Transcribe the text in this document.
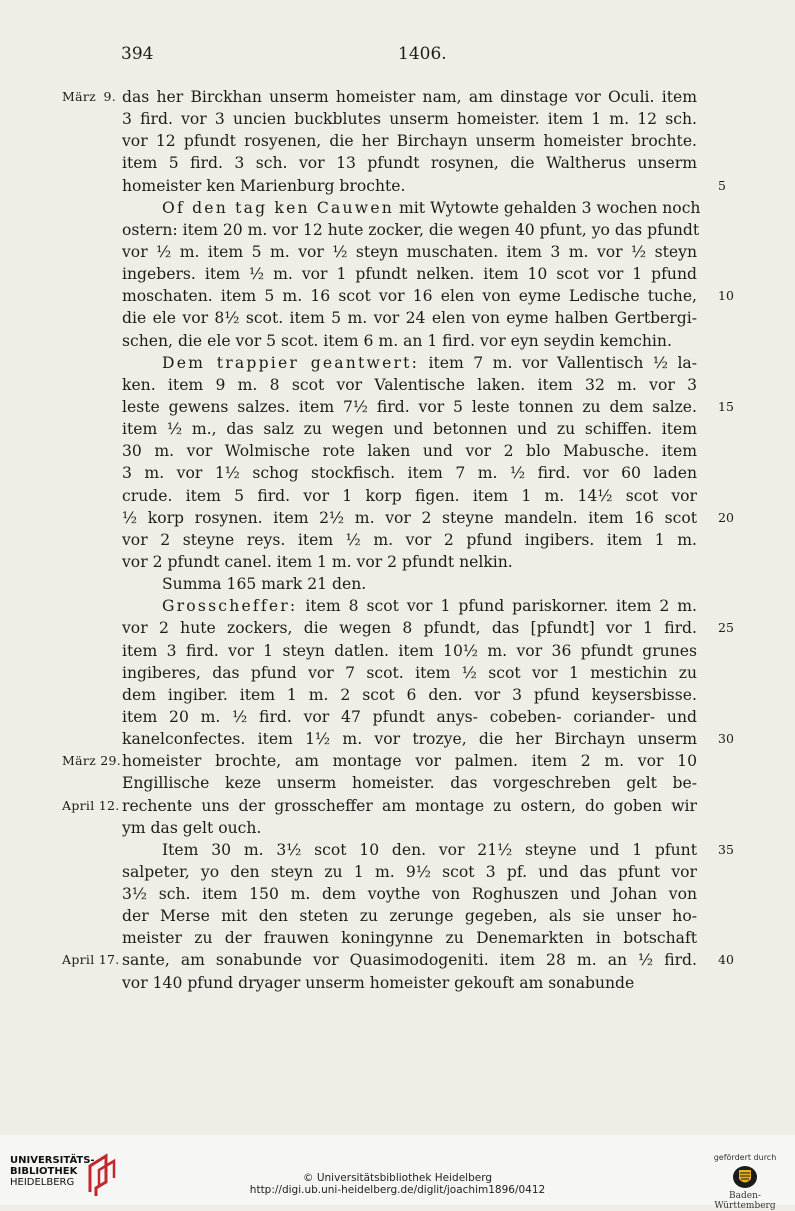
394	1406.
das her Birckhan unserm homeister nam, am dinstage vor Oculi. item
März 9.
3 fird. vor 3 uncien buckblutes unserm homeister. item 1 m. 12 sch.
vor 12 pfundt rosyenen, die her Birchayn unserm homeister brochte.
item 5 fird. 3 sch. vor 13 pfundt rosynen, die Waltherus unserm
homeister ken Marienburg brochte.	5
Of den tag ken Cauwen mit Wytowte gehalden 3 wochen noch
ostern: item 20 m. vor 12 hute zocker, die wegen 40 pfunt, yo das pfundt
vor ½ m. item 5 m. vor ½ steyn muschaten. item 3 m. vor ½ steyn
ingebers. item ½ m. vor 1 pfundt nelken. item 10 scot vor 1 pfund
moschaten. item 5 m. 16 scot vor 16 elen von eyme Ledische tuche, 10
die ele vor 8½ scot. item 5 m. vor 24 elen von eyme halben Gertbergi-
schen, die ele vor 5 scot. item 6 m. an 1 fird. vor eyn seydin kemchin.
Dem trappier geantwert: item 7 m. vor Vallentisch ½ la-
ken. item 9 m. 8 scot vor Valentische laken. item 32 m. vor 3
leste gewens salzes. item 7½ fird. vor 5 leste tonnen zu dem salze. 15
item ½ m., das salz zu wegen und betonnen und zu schiffen. item
30 m. vor Wolmische rote laken und vor 2 blo Mabusche. item
3 m. vor 1½ schog stockfisch. item 7 m. ½ fird. vor 60 laden
crude. item 5 fird. vor 1 korp figen. item 1 m. 14½ scot vor
½ korp rosynen. item 2½ m. vor 2 steyne mandeln. item 16 scot 20
vor 2 steyne reys. item ½ m. vor 2 pfund ingibers. item 1 m.
vor 2 pfundt canel. item 1 m. vor 2 pfundt nelkin.
Summa 165 mark 21 den.
Grosscheffer: item 8 scot vor 1 pfund pariskorner. item 2 m.
vor 2 hute zockers, die wegen 8 pfundt, das [pfundt] vor 1 fird. 25
item 3 fird. vor 1 steyn datlen. item 10½ m. vor 36 pfundt grunes
ingiberes, das pfund vor 7 scot. item ½ scot vor 1 mestichin zu
dem ingiber. item 1 m. 2 scot 6 den. vor 3 pfund keysersbisse.
item 20 m. ½ fird. vor 47 pfundt anys- cobeben- coriander- und
kanelconfectes. item 1½ m. vor trozye, die her Birchayn unserm 30
homeister brochte, am montage vor palmen. item 2 m. vor 10
März 29.
Engillische keze unserm homeister. das vorgeschreben gelt be-
rechente uns der grosscheffer am montage zu ostern, do goben wir
April 12.
ym das gelt ouch.
Item 30 m. 3½ scot 10 den. vor 21½ steyne und 1 pfunt 35
salpeter, yo den steyn zu 1 m. 9½ scot 3 pf. und das pfunt vor
3½ sch. item 150 m. dem voythe von Roghuszen und Johan von
der Merse mit den steten zu zerunge gegeben, als sie unser ho-
meister zu der frauwen koningynne zu Denemarkten in botschaft
sante, am sonabunde vor Quasimodogeniti. item 28 m. an ½ fird.
April 17.	40
vor 140 pfund dryager unserm homeister gekouft am sonabunde
UNIVERSITÄTS-
BIBLIOTHEK
HEIDELBERG	© Universitätsbibliothek Heidelberg
http://digi.ub.uni-heidelberg.de/diglit/joachim1896/0412
gefördert durch
Baden-Württemberg
